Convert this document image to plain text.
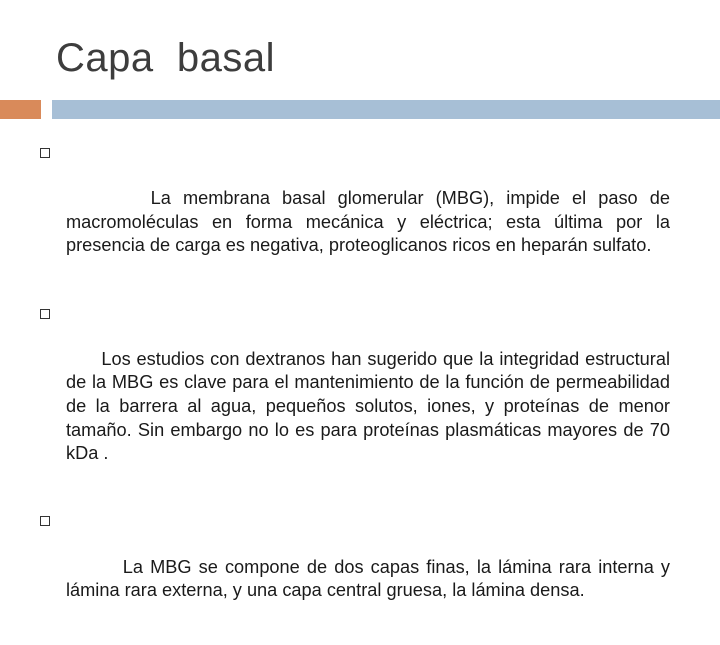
Capa  basal

La membrana basal glomerular (MBG), impide el paso de macromoléculas en forma mecánica y eléctrica; esta última por la presencia de carga es negativa, proteoglicanos ricos en heparán sulfato.

Los estudios con dextranos han sugerido que la integridad estructural de la MBG es clave para el mantenimiento de la función de permeabilidad de la barrera al agua, pequeños solutos, iones, y proteínas de menor tamaño. Sin embargo no lo es para proteínas plasmáticas mayores de 70 kDa .

La MBG se compone de dos capas finas, la lámina rara interna y lámina rara externa, y una capa central gruesa, la lámina densa.
